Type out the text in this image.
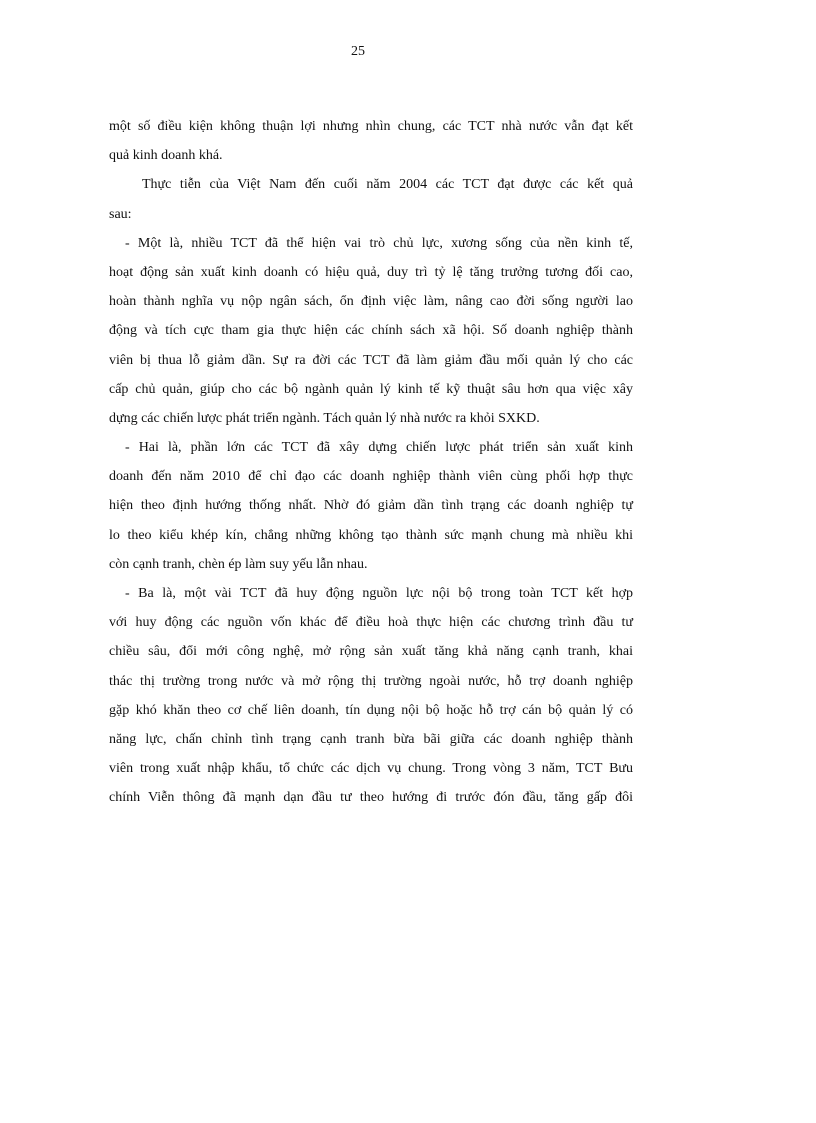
25
một số điều kiện không thuận lợi nhưng nhìn chung, các TCT nhà nước vẫn đạt kết
quả kinh doanh khá.
Thực tiễn của Việt Nam đến cuối năm 2004 các TCT đạt được các kết quả
sau:
- Một là, nhiều TCT đã thể hiện vai trò chủ lực, xương sống của nền kinh tế,
hoạt động sản xuất kinh doanh có hiệu quả, duy trì tỷ lệ tăng trưởng tương đối cao,
hoàn thành nghĩa vụ nộp ngân sách, ổn định việc làm, nâng cao đời sống người lao
động và tích cực tham gia thực hiện các chính sách xã hội. Số doanh nghiệp thành
viên bị thua lỗ giảm dần. Sự ra đời các TCT đã làm giảm đầu mối quản lý cho các
cấp chủ quản, giúp cho các bộ ngành quản lý kinh tế kỹ thuật sâu hơn qua việc xây
dựng các chiến lược phát triển ngành. Tách quản lý nhà nước ra khỏi SXKD.
- Hai là, phần lớn các TCT đã xây dựng chiến lược phát triển sản xuất kinh
doanh đến năm 2010 để chỉ đạo các doanh nghiệp thành viên cùng phối hợp thực
hiện theo định hướng thống nhất. Nhờ đó giảm dần tình trạng các doanh nghiệp tự
lo theo kiểu khép kín, chẳng những không tạo thành sức mạnh chung mà nhiều khi
còn cạnh tranh, chèn ép làm suy yếu lẫn nhau.
- Ba là, một vài TCT đã huy động nguồn lực nội bộ trong toàn TCT kết hợp
với huy động các nguồn vốn khác để điều hoà thực hiện các chương trình đầu tư
chiều sâu, đổi mới công nghệ, mở rộng sản xuất tăng khả năng cạnh tranh, khai
thác thị trường trong nước và mở rộng thị trường ngoài nước, hỗ trợ doanh nghiệp
gặp khó khăn theo cơ chế liên doanh, tín dụng nội bộ hoặc hỗ trợ cán bộ quản lý có
năng lực, chấn chỉnh tình trạng cạnh tranh bừa bãi giữa các doanh nghiệp thành
viên trong xuất nhập khẩu, tổ chức các dịch vụ chung. Trong vòng 3 năm, TCT Bưu
chính Viễn thông đã mạnh dạn đầu tư theo hướng đi trước đón đầu, tăng gấp đôi
